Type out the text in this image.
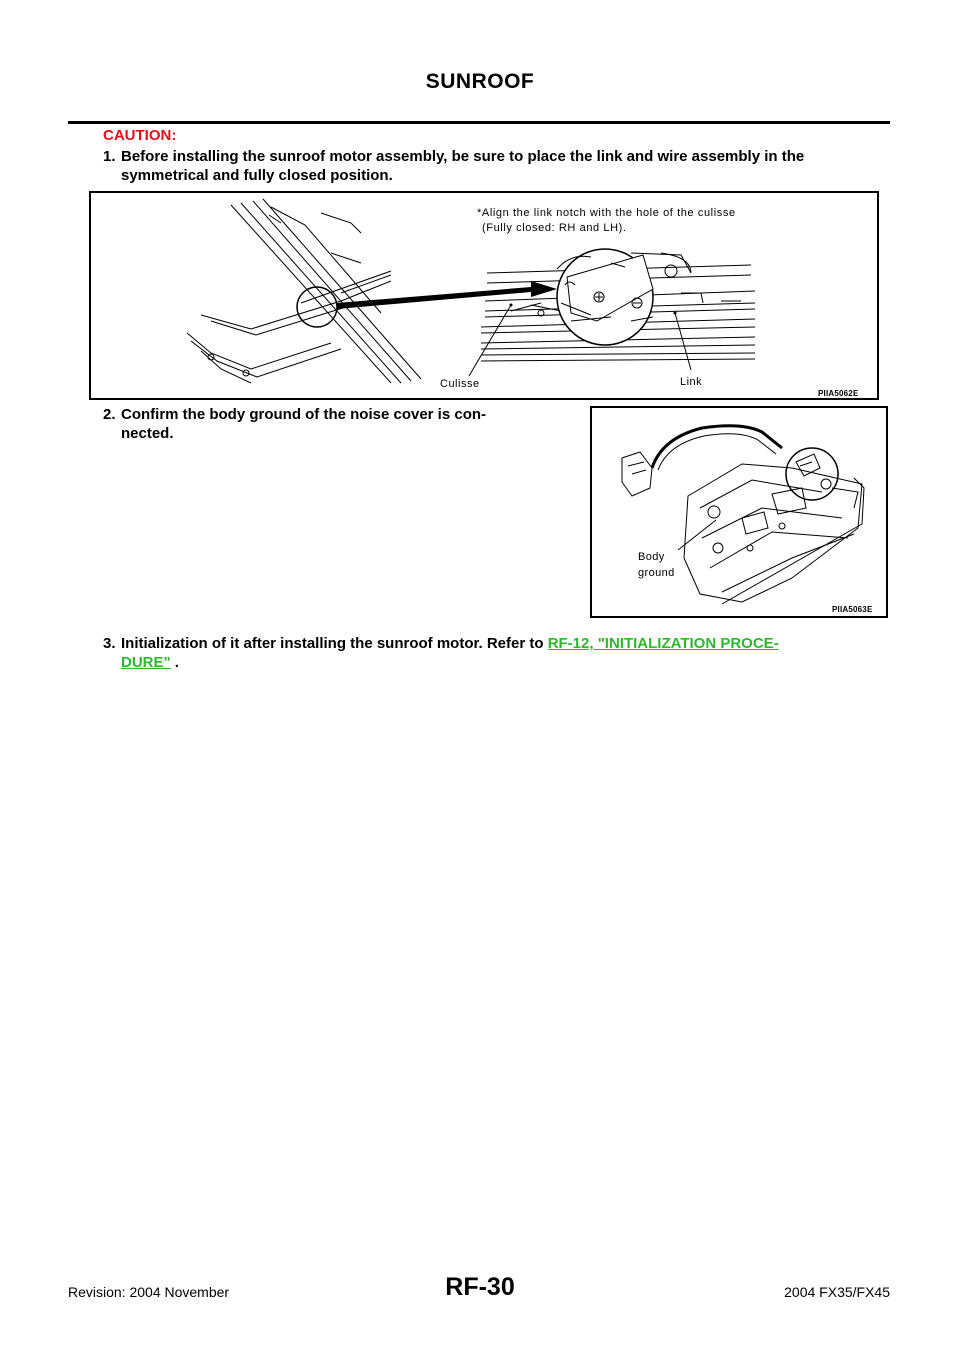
SUNROOF
CAUTION:
1. Before installing the sunroof motor assembly, be sure to place the link and wire assembly in the
symmetrical and fully closed position.
*Align the link notch with the hole of the culisse
(Fully closed: RH and LH).
Culisse	Link
PIIA5062E
2. Confirm the body ground of the noise cover is con-
nected.
Body
ground
PIIA5063E
3. Initialization of it after installing the sunroof motor. Refer to RF-12, "INITIALIZATION PROCE-
DURE" .
Revision: 2004 November	RF-30	2004 FX35/FX45
